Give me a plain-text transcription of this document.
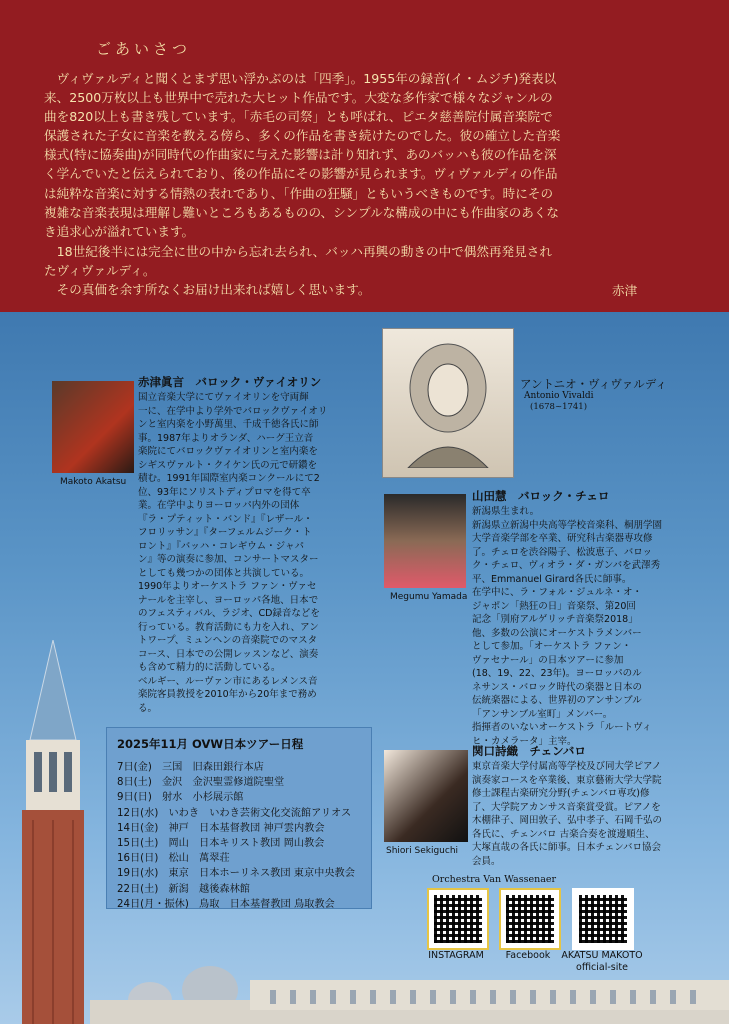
ごあいさつ
　ヴィヴァルディと聞くとまず思い浮かぶのは「四季」。1955年の録音(イ・ムジチ)発表以
来、2500万枚以上も世界中で売れた大ヒット作品です。大変な多作家で様々なジャンルの
曲を820以上も書き残しています。「赤毛の司祭」とも呼ばれ、ピエタ慈善院付属音楽院で
保護された子女に音楽を教える傍ら、多くの作品を書き続けたのでした。彼の確立した音楽
様式(特に協奏曲)が同時代の作曲家に与えた影響は計り知れず、あのバッハも彼の作品を深
く学んでいたと伝えられており、後の作品にその影響が見られます。ヴィヴァルディの作品
は純粋な音楽に対する情熱の表れであり、「作曲の狂騒」ともいうべきものです。時にその
複雑な音楽表現は理解し難いところもあるものの、シンプルな構成の中にも作曲家のあくな
き追求心が溢れています。
　18世紀後半には完全に世の中から忘れ去られ、バッハ再興の動きの中で偶然再発見され
たヴィヴァルディ。
　その真価を余す所なくお届け出来れば嬉しく思います。	赤津
Makoto Akatsu
赤津眞言　バロック・ヴァイオリン
国立音楽大学にてヴァイオリンを守両輝
一に、在学中より学外でバロックヴァイオリ
ンと室内楽を小野萬里、千成千徳各氏に師
事。1987年よりオランダ、ハーグ王立音
楽院にてバロックヴァイオリンと室内楽を
シギスヴァルト・クイケン氏の元で研鑽を
積む。1991年国際室内楽コンクールにて2
位、93年にソリストディプロマを得て卒
業。在学中よりヨーロッパ内外の団体
『ラ・プティット・バンド』『レザール・
フロリッサン』『ターフェルムジーク・ト
ロント』『バッハ・コレギウム・ジャパ
ン』等の演奏に参加、コンサートマスター
としても幾つかの団体と共演している。
1990年よりオーケストラ ファン・ヴァセ
ナールを主宰し、ヨーロッパ各地、日本で
のフェスティバル、ラジオ、CD録音などを
行っている。教育活動にも力を入れ、アン
トワープ、ミュンヘンの音楽院でのマスタ
コース、日本での公開レッスンなど、演奏
も含めて精力的に活動している。
ベルギー、ルーヴァン市にあるレメンス音
楽院客員教授を2010年から20年まで務め
る。
アントニオ・ヴィヴァルディ
Antonio Vivaldi
(1678~1741)
Megumu Yamada
山田慧　バロック・チェロ
新潟県生まれ。
新潟県立新潟中央高等学校音楽科、桐朋学園
大学音楽学部を卒業、研究科古楽器専攻修
了。チェロを渋谷陽子、松波恵子、バロッ
ク・チェロ、ヴィオラ・ダ・ガンバを武澤秀
平、Emmanuel Girard各氏に師事。
在学中に、ラ・フォル・ジュルネ・オ・
ジャポン「熱狂の日」音楽祭、第20回
記念「別府アルゲリッチ音楽祭2018」
他、多数の公演にオーケストラメンバー
として参加。「オーケストラ ファン・
ヴァセナール」の日本ツアーに参加
(18、19、22、23年)。ヨーロッパのル
ネサンス・バロック時代の楽器と日本の
伝統楽器による、世界初のアンサンブル
「アンサンブル室町」メンバー。
指揮者のいないオーケストラ「ルートヴィ
ヒ・カメラータ」主宰。
Shiori Sekiguchi
関口詩織　チェンバロ
東京音楽大学付属高等学校及び同大学ピアノ
演奏家コースを卒業後、東京藝術大学大学院
修士課程古楽研究分野(チェンバロ専攻)修
了、大学院アカンサス音楽賞受賞。ピアノを
木棚律子、岡田敦子、弘中孝子、石岡千弘の
各氏に、チェンバロ 古楽合奏を渡邊順生、
大塚直哉の各氏に師事。日本チェンバロ協会
会員。
2025年11月 OVW日本ツアー日程
7日(金)　三国　旧森田銀行本店
8日(土)　金沢　金沢聖霊修道院聖堂
9日(日)　射水　小杉展示館
12日(水)　いわき　いわき芸術文化交流館アリオス
14日(金)　神戸　日本基督教団 神戸雲内教会
15日(土)　岡山　日本キリスト教団 岡山教会
16日(日)　松山　萬翠荘
19日(水)　東京　日本ホーリネス教団 東京中央教会
22日(土)　新潟　越後森林館
24日(月・振休)　鳥取　日本基督教団 鳥取教会
Orchestra Van Wassenaer
INSTAGRAM	Facebook	AKATSU MAKOTO
official-site
